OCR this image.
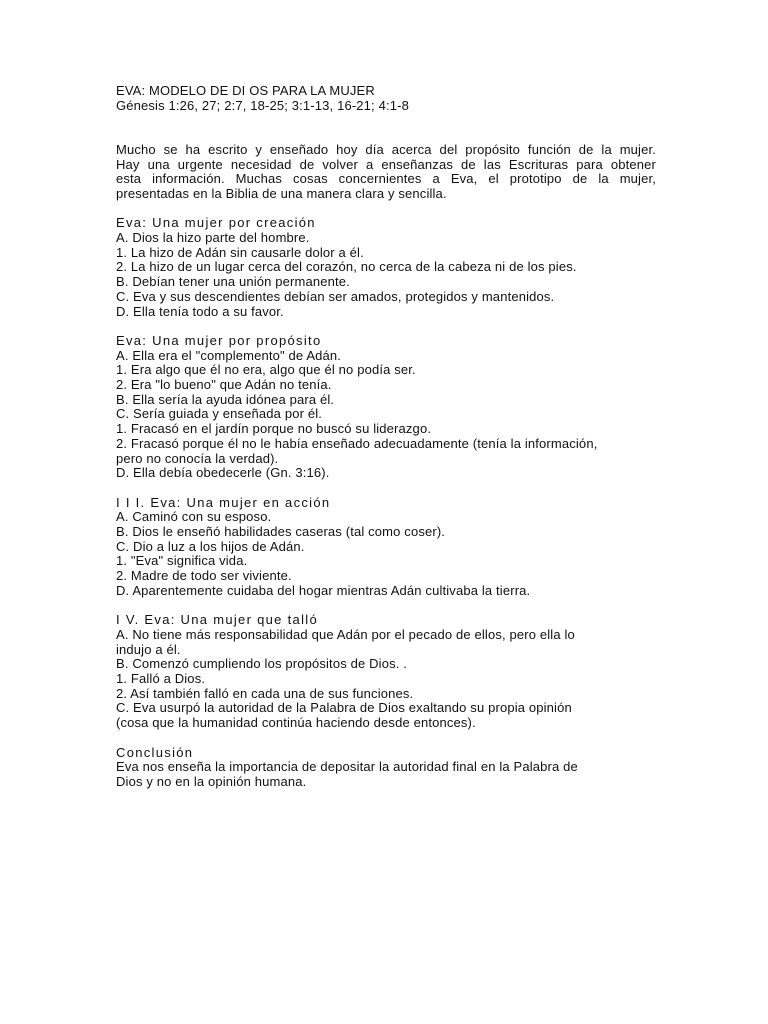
EVA: MODELO DE DI OS PARA LA MUJER
Génesis 1:26, 27; 2:7, 18-25; 3:1-13, 16-21; 4:1-8
Mucho se ha escrito y enseñado hoy día acerca del propósito función de la mujer.
Hay una urgente necesidad de volver a enseñanzas de las Escrituras para obtener
esta información. Muchas cosas concernientes a Eva, el prototipo de la mujer,
presentadas en la Biblia de una manera clara y sencilla.
Eva: Una mujer por creación
A. Dios la hizo parte del hombre.
1. La hizo de Adán sin causarle dolor a él.
2. La hizo de un lugar cerca del corazón, no cerca de la cabeza ni de los pies.
B. Debían tener una unión permanente.
C. Eva y sus descendientes debían ser amados, protegidos y mantenidos.
D. Ella tenía todo a su favor.
Eva: Una mujer por propósito
A. Ella era el "complemento" de Adán.
1. Era algo que él no era, algo que él no podía ser.
2. Era "lo bueno" que Adán no tenía.
B. Ella sería la ayuda idónea para él.
C. Sería guiada y enseñada por él.
1. Fracasó en el jardín porque no buscó su liderazgo.
2. Fracasó porque él no le había enseñado adecuadamente (tenía la información,
pero no conocía la verdad).
D. Ella debía obedecerle (Gn. 3:16).
I I I. Eva: Una mujer en acción
A. Caminó con su esposo.
B. Dios le enseñó habilidades caseras (tal como coser).
C. Dio a luz a los hijos de Adán.
1. "Eva" significa vida.
2. Madre de todo ser viviente.
D. Aparentemente cuidaba del hogar mientras Adán cultivaba la tierra.
I V. Eva: Una mujer que talló
A. No tiene más responsabilidad que Adán por el pecado de ellos, pero ella lo
indujo a él.
B. Comenzó cumpliendo los propósitos de Dios. .
1. Falló a Dios.
2. Así también falló en cada una de sus funciones.
C. Eva usurpó la autoridad de la Palabra de Dios exaltando su propia opinión
(cosa que la humanidad continúa haciendo desde entonces).
Conclusión
Eva nos enseña la importancia de depositar la autoridad final en la Palabra de
Dios y no en la opinión humana.
